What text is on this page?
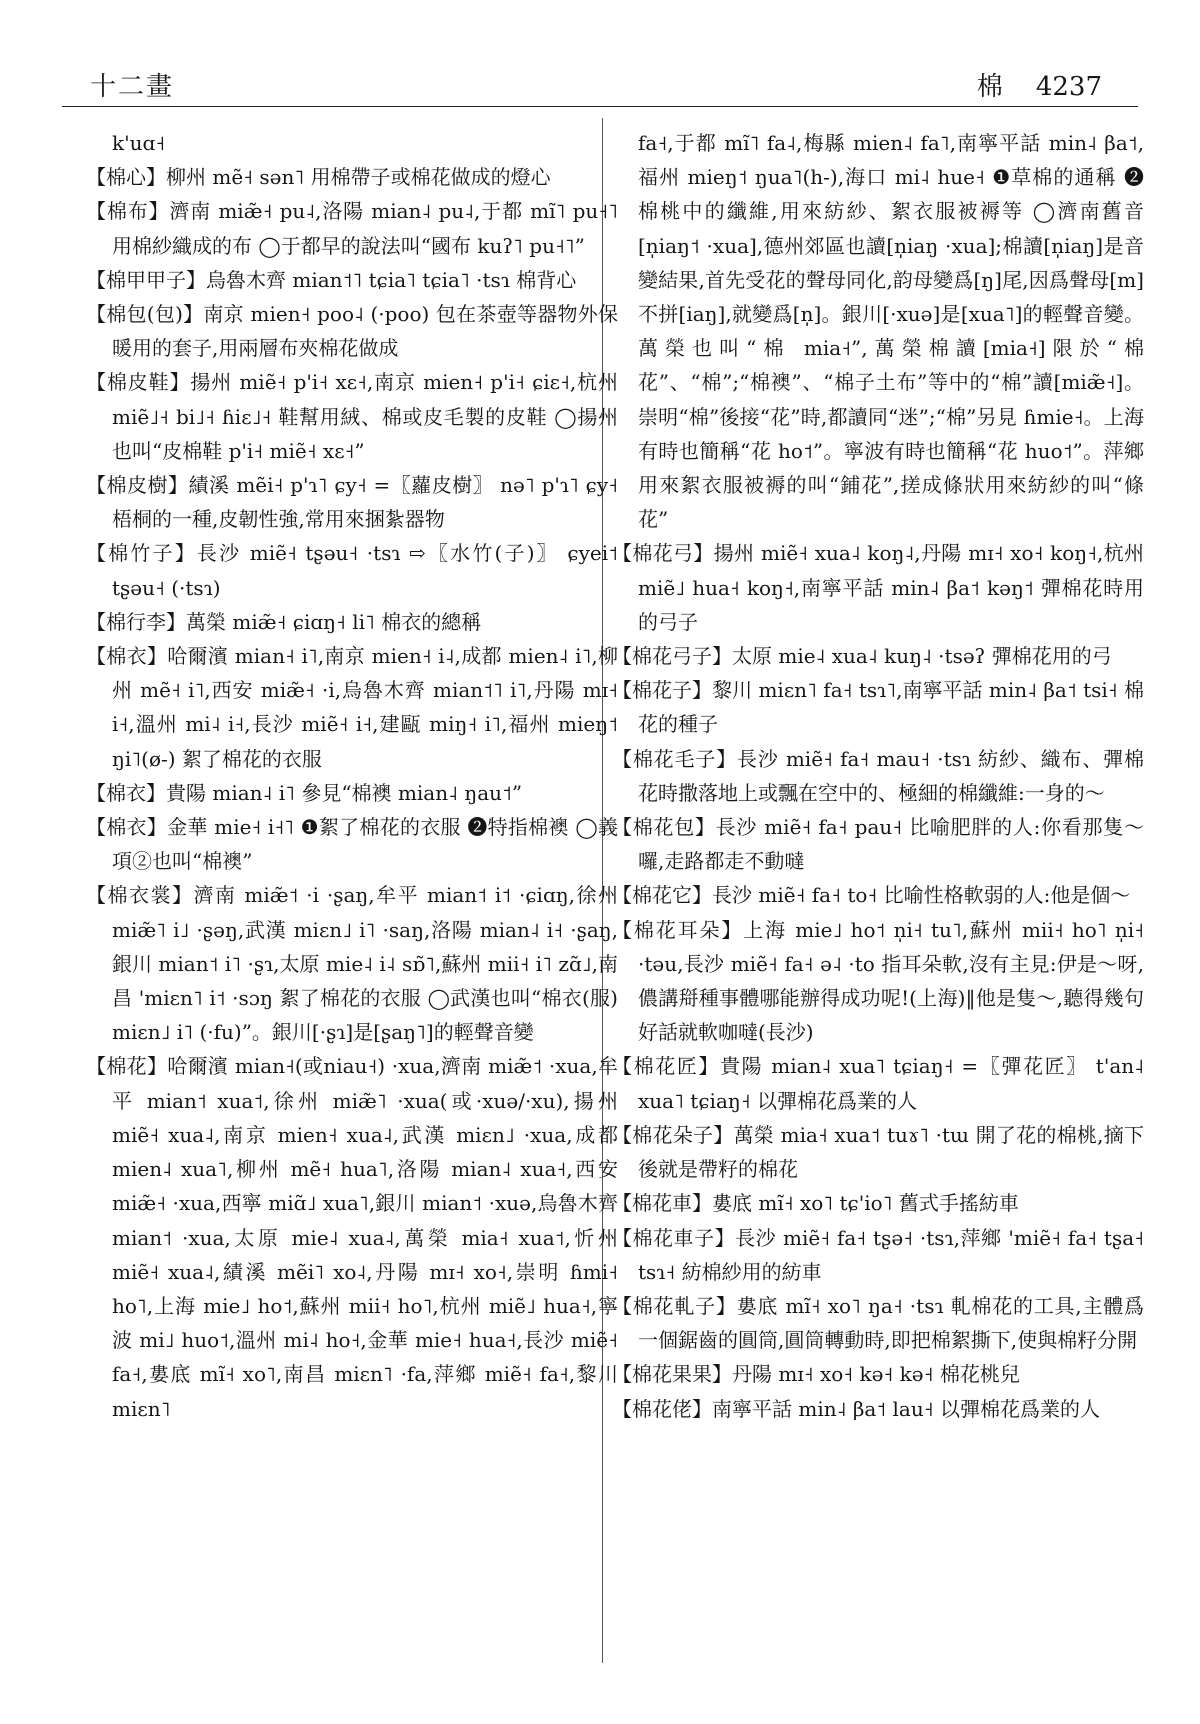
十二畫	棉 4237

k'uɑ˧

【棉心】柳州 mẽ˧ sən˥ 用棉帶子或棉花做成的燈心

【棉布】濟南 miæ̃˧ pu˨,洛陽 mian˨ pu˨,于都 mĩ˥ pu˧˥ 用棉紗織成的布 ◯于都早的說法叫“國布 kuʔ˥ pu˧˥”

【棉甲甲子】烏魯木齊 mian˦˥ tɕia˥ tɕia˥ ·tsɿ 棉背心

【棉包(包)】南京 mien˧ poo˨ (·poo) 包在茶壺等器物外保暖用的套子,用兩層布夾棉花做成

【棉皮鞋】揚州 miẽ˧ p'i˧ xɛ˧,南京 mien˧ p'i˧ ɕiɛ˧,杭州 miẽ˩˧ bi˩˧ ɦiɛ˩˧ 鞋幫用絨、棉或皮毛製的皮鞋 ◯揚州也叫“皮棉鞋 p'i˧ miẽ˧ xɛ˧”

【棉皮樹】績溪 mẽi˧ p'ɿ˥ ɕy˧ =〖蘿皮樹〗 nə˥ p'ɿ˥ ɕy˧ 梧桐的一種,皮韌性強,常用來捆紮器物

【棉竹子】長沙 miẽ˧ tʂəu˧ ·tsɿ ⇨〖水竹(子)〗 ɕyei˦ tʂəu˧ (·tsɿ)

【棉行李】萬榮 miæ̃˧ ɕiɑŋ˧ li˥ 棉衣的總稱

【棉衣】哈爾濱 mian˧ i˥,南京 mien˧ i˨,成都 mien˨ i˥,柳州 mẽ˧ i˥,西安 miæ̃˧ ·i,烏魯木齊 mian˦˥ i˥,丹陽 mɪ˧ i˧,溫州 mi˨ i˧,長沙 miẽ˧ i˧,建甌 miŋ˧ i˥,福州 mieŋ˦ ŋi˥(ø-) 絮了棉花的衣服

【棉衣】貴陽 mian˨ i˥ 參見“棉襖 mian˨ ŋau˦”

【棉衣】金華 mie˧ i˧˥ ❶絮了棉花的衣服 ❷特指棉襖 ◯義項②也叫“棉襖”

【棉衣裳】濟南 miæ̃˦ ·i ·ʂaŋ,牟平 mian˦ i˦ ·ɕiɑŋ,徐州 miæ̃˥ i˩ ·ʂəŋ,武漢 miɛn˩ i˥ ·saŋ,洛陽 mian˨ i˧ ·ʂaŋ,銀川 mian˦ i˥ ·ʂɿ,太原 mie˨ i˨ sɒ̃˥,蘇州 mii˧ i˥ zɑ̃˩,南昌 'miɛn˥ i˦ ·sɔŋ 絮了棉花的衣服 ◯武漢也叫“棉衣(服) miɛn˩ i˥ (·fu)”。銀川[·ʂɿ]是[ʂaŋ˥]的輕聲音變

【棉花】哈爾濱 mian˧(或niau˧) ·xua,濟南 miæ̃˦ ·xua,牟平 mian˦ xua˦,徐州 miæ̃˥ ·xua(或·xuə/·xu),揚州 miẽ˧ xua˨,南京 mien˧ xua˨,武漢 miɛn˩ ·xua,成都 mien˨ xua˥,柳州 mẽ˧ hua˥,洛陽 mian˨ xua˧,西安 miæ̃˧ ·xua,西寧 miɑ̃˩ xua˥,銀川 mian˦ ·xuə,烏魯木齊 mian˦ ·xua,太原 mie˨ xua˨,萬榮 mia˧ xua˦,忻州 miẽ˧ xua˨,績溪 mẽi˥ xo˨,丹陽 mɪ˧ xo˧,崇明 ɦmi˧ ho˥,上海 mie˩ ho˦,蘇州 mii˧ ho˥,杭州 miẽ˩ hua˧,寧波 mi˩ huo˦,溫州 mi˨ ho˧,金華 mie˧ hua˧,長沙 miẽ˧ fa˧,婁底 mĩ˧ xo˥,南昌 miɛn˥ ·fa,萍鄉 miẽ˧ fa˧,黎川 miɛn˥

fa˧,于都 mĩ˥ fa˨,梅縣 mien˨ fa˥,南寧平話 min˨ βa˦,福州 mieŋ˦ ŋua˥(h-),海口 mi˨ hue˧ ❶草棉的通稱 ❷棉桃中的纖維,用來紡紗、絮衣服被褥等 ◯濟南舊音[n̩iaŋ˦ ·xua],德州郊區也讀[n̩iaŋ ·xua];棉讀[n̩iaŋ]是音變結果,首先受花的聲母同化,韵母變爲[ŋ]尾,因爲聲母[m]不拼[iaŋ],就變爲[n̩]。銀川[·xuə]是[xua˥]的輕聲音變。萬榮也叫“棉 mia˧”,萬榮棉讀[mia˧]限於“棉花”、“棉”;“棉襖”、“棉子土布”等中的“棉”讀[miæ̃˧]。崇明“棉”後接“花”時,都讀同“迷”;“棉”另見 ɦmie˧。上海有時也簡稱“花 ho˦”。寧波有時也簡稱“花 huo˦”。萍鄉用來絮衣服被褥的叫“鋪花”,搓成條狀用來紡紗的叫“條花”

【棉花弓】揚州 miẽ˧ xua˨ koŋ˨,丹陽 mɪ˧ xo˧ koŋ˧,杭州 miẽ˩ hua˧ koŋ˧,南寧平話 min˨ βa˦ kəŋ˦ 彈棉花時用的弓子

【棉花弓子】太原 mie˨ xua˨ kuŋ˨ ·tsəʔ 彈棉花用的弓

【棉花子】黎川 miɛn˥ fa˧ tsɿ˥,南寧平話 min˨ βa˦ tsi˧ 棉花的種子

【棉花毛子】長沙 miẽ˧ fa˧ mau˧ ·tsɿ 紡紗、織布、彈棉花時撒落地上或飄在空中的、極細的棉纖維:一身的～

【棉花包】長沙 miẽ˧ fa˧ pau˧ 比喻肥胖的人:你看那隻～囉,走路都走不動噠

【棉花它】長沙 miẽ˧ fa˧ to˧ 比喻性格軟弱的人:他是個～

【棉花耳朵】上海 mie˩ ho˦ n̩i˧ tu˥,蘇州 mii˧ ho˥ n̩i˧ ·təu,長沙 miẽ˧ fa˧ ə˨ ·to 指耳朵軟,沒有主見:伊是～呀,儂講搿種事體哪能辦得成功呢!(上海)‖他是隻～,聽得幾句好話就軟咖噠(長沙)

【棉花匠】貴陽 mian˨ xua˥ tɕiaŋ˧ =〖彈花匠〗 t'an˨ xua˥ tɕiaŋ˧ 以彈棉花爲業的人

【棉花朵子】萬榮 mia˧ xua˦ tuɤ˥ ·tɯ 開了花的棉桃,摘下後就是帶籽的棉花

【棉花車】婁底 mĩ˧ xo˥ tɕ'io˥ 舊式手搖紡車

【棉花車子】長沙 miẽ˧ fa˧ tʂə˧ ·tsɿ,萍鄉 'miẽ˧ fa˧ tʂa˧ tsɿ˧ 紡棉紗用的紡車

【棉花軋子】婁底 mĩ˧ xo˥ ŋa˧ ·tsɿ 軋棉花的工具,主體爲一個鋸齒的圓筒,圓筒轉動時,即把棉絮撕下,使與棉籽分開

【棉花果果】丹陽 mɪ˧ xo˧ kə˧ kə˧ 棉花桃兒

【棉花佬】南寧平話 min˨ βa˦ lau˧ 以彈棉花爲業的人
